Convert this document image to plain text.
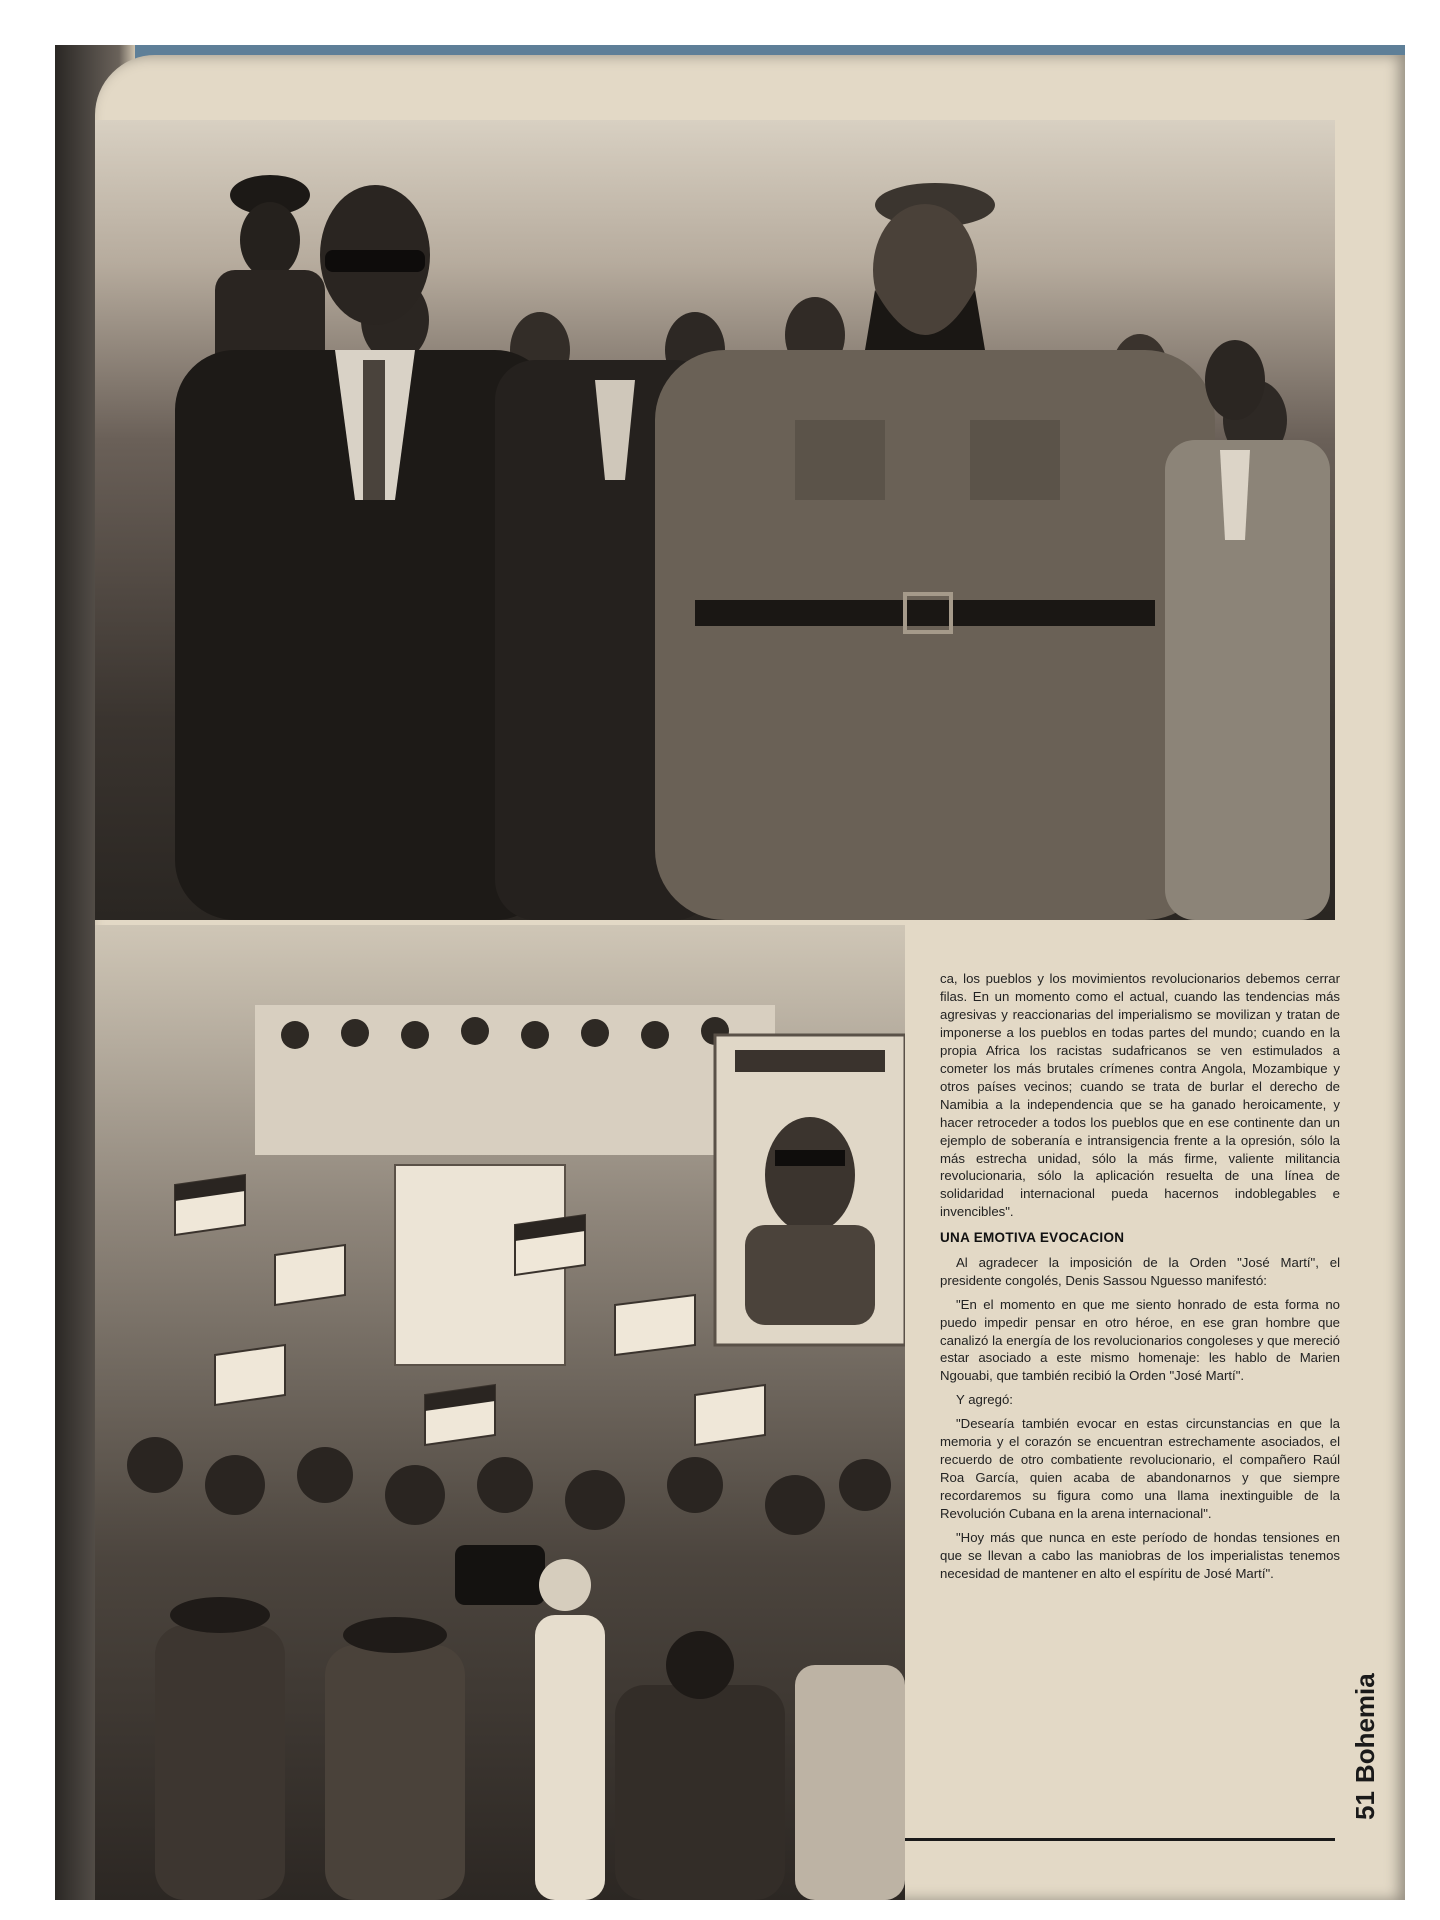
ca, los pueblos y los movimientos revolucionarios debemos cerrar filas. En un momento como el actual, cuando las tendencias más agresivas y reaccionarias del imperialismo se movilizan y tratan de imponerse a los pueblos en todas partes del mundo; cuando en la propia Africa los racistas sudafricanos se ven estimulados a cometer los más brutales crímenes contra Angola, Mozambique y otros países vecinos; cuando se trata de burlar el derecho de Namibia a la independencia que se ha ganado heroicamente, y hacer retroceder a todos los pueblos que en ese continente dan un ejemplo de soberanía e intransigencia frente a la opresión, sólo la más estrecha unidad, sólo la más firme, valiente militancia revolucionaria, sólo la aplicación resuelta de una línea de solidaridad internacional pueda hacernos indoblegables e invencibles".

UNA EMOTIVA EVOCACION

Al agradecer la imposición de la Orden "José Martí", el presidente congolés, Denis Sassou Nguesso manifestó:

"En el momento en que me siento honrado de esta forma no puedo impedir pensar en otro héroe, en ese gran hombre que canalizó la energía de los revolucionarios congoleses y que mereció estar asociado a este mismo homenaje: les hablo de Marien Ngouabi, que también recibió la Orden "José Martí".

Y agregó:

"Desearía también evocar en estas circunstancias en que la memoria y el corazón se encuentran estrechamente asociados, el recuerdo de otro combatiente revolucionario, el compañero Raúl Roa García, quien acaba de abandonarnos y que siempre recordaremos su figura como una llama inextinguible de la Revolución Cubana en la arena internacional".

"Hoy más que nunca en este período de hondas tensiones en que se llevan a cabo las maniobras de los imperialistas tenemos necesidad de mantener en alto el espíritu de José Martí".

51Bohemia
